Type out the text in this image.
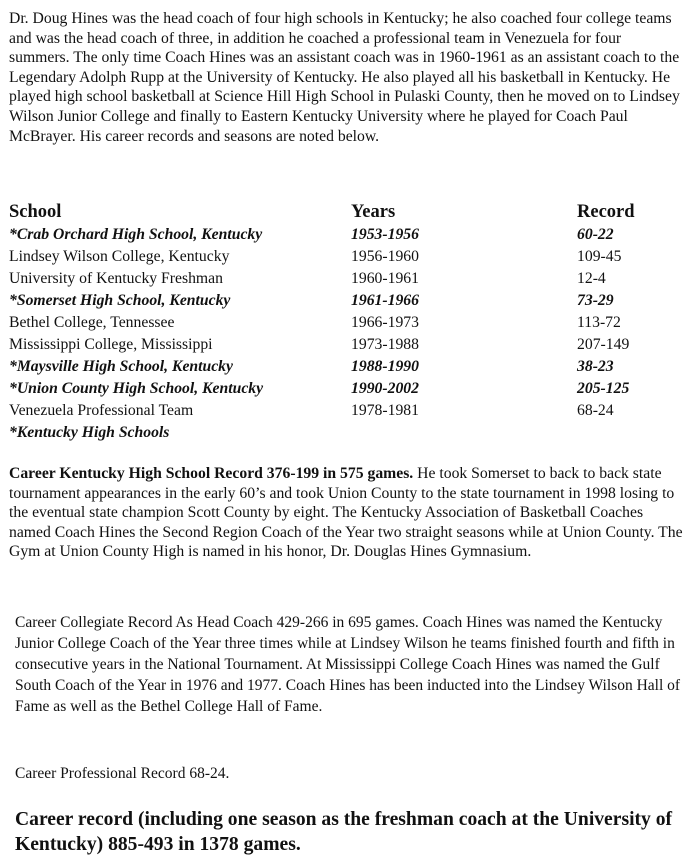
Dr. Doug Hines was the head coach of four high schools in Kentucky; he also coached four college teams and was the head coach of three, in addition he coached a professional team in Venezuela for four summers. The only time Coach Hines was an assistant coach was in 1960-1961 as an assistant coach to the Legendary Adolph Rupp at the University of Kentucky. He also played all his basketball in Kentucky. He played high school basketball at Science Hill High School in Pulaski County, then he moved on to Lindsey Wilson Junior College and finally to Eastern Kentucky University where he played for Coach Paul McBrayer. His career records and seasons are noted below.

School	Years	Record
*Crab Orchard High School, Kentucky	1953-1956	60-22
Lindsey Wilson College, Kentucky	1956-1960	109-45
University of Kentucky Freshman	1960-1961	12-4
*Somerset High School, Kentucky	1961-1966	73-29
Bethel College, Tennessee	1966-1973	113-72
Mississippi College, Mississippi	1973-1988	207-149
*Maysville High School, Kentucky	1988-1990	38-23
*Union County High School, Kentucky	1990-2002	205-125
Venezuela Professional Team	1978-1981	68-24
*Kentucky High Schools

Career Kentucky High School Record 376-199 in 575 games. He took Somerset to back to back state tournament appearances in the early 60’s and took Union County to the state tournament in 1998 losing to the eventual state champion Scott County by eight. The Kentucky Association of Basketball Coaches named Coach Hines the Second Region Coach of the Year two straight seasons while at Union County. The Gym at Union County High is named in his honor, Dr. Douglas Hines Gymnasium.

Career Collegiate Record As Head Coach 429-266 in 695 games. Coach Hines was named the Kentucky Junior College Coach of the Year three times while at Lindsey Wilson he teams finished fourth and fifth in consecutive years in the National Tournament. At Mississippi College Coach Hines was named the Gulf South Coach of the Year in 1976 and 1977. Coach Hines has been inducted into the Lindsey Wilson Hall of Fame as well as the Bethel College Hall of Fame.

Career Professional Record 68-24.

Career record (including one season as the freshman coach at the University of Kentucky) 885-493 in 1378 games.
